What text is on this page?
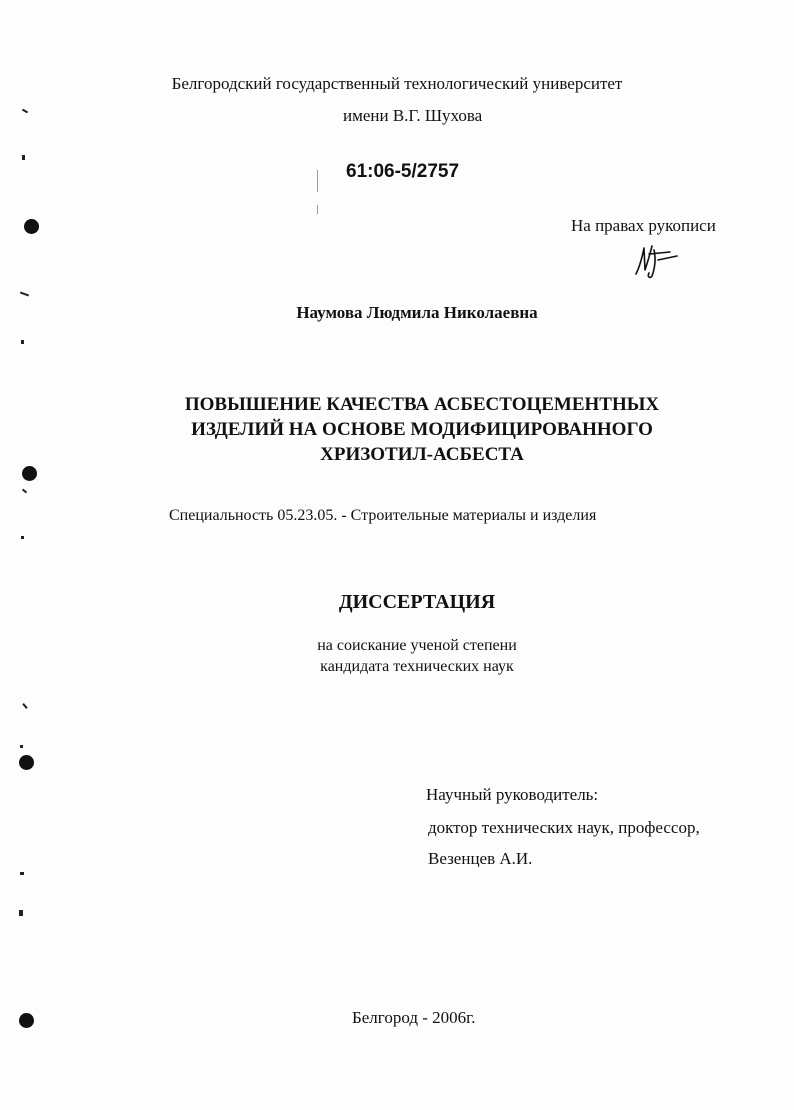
Белгородский государственный технологический университет
имени В.Г. Шухова
61:06-5/2757
На правах рукописи
Наумова Людмила Николаевна
ПОВЫШЕНИЕ КАЧЕСТВА АСБЕСТОЦЕМЕНТНЫХ
ИЗДЕЛИЙ НА ОСНОВЕ МОДИФИЦИРОВАННОГО
ХРИЗОТИЛ-АСБЕСТА
Специальность 05.23.05. - Строительные материалы и изделия
ДИССЕРТАЦИЯ
на соискание ученой степени
кандидата технических наук
Научный руководитель:
доктор технических наук, профессор,
Везенцев А.И.
Белгород - 2006г.
